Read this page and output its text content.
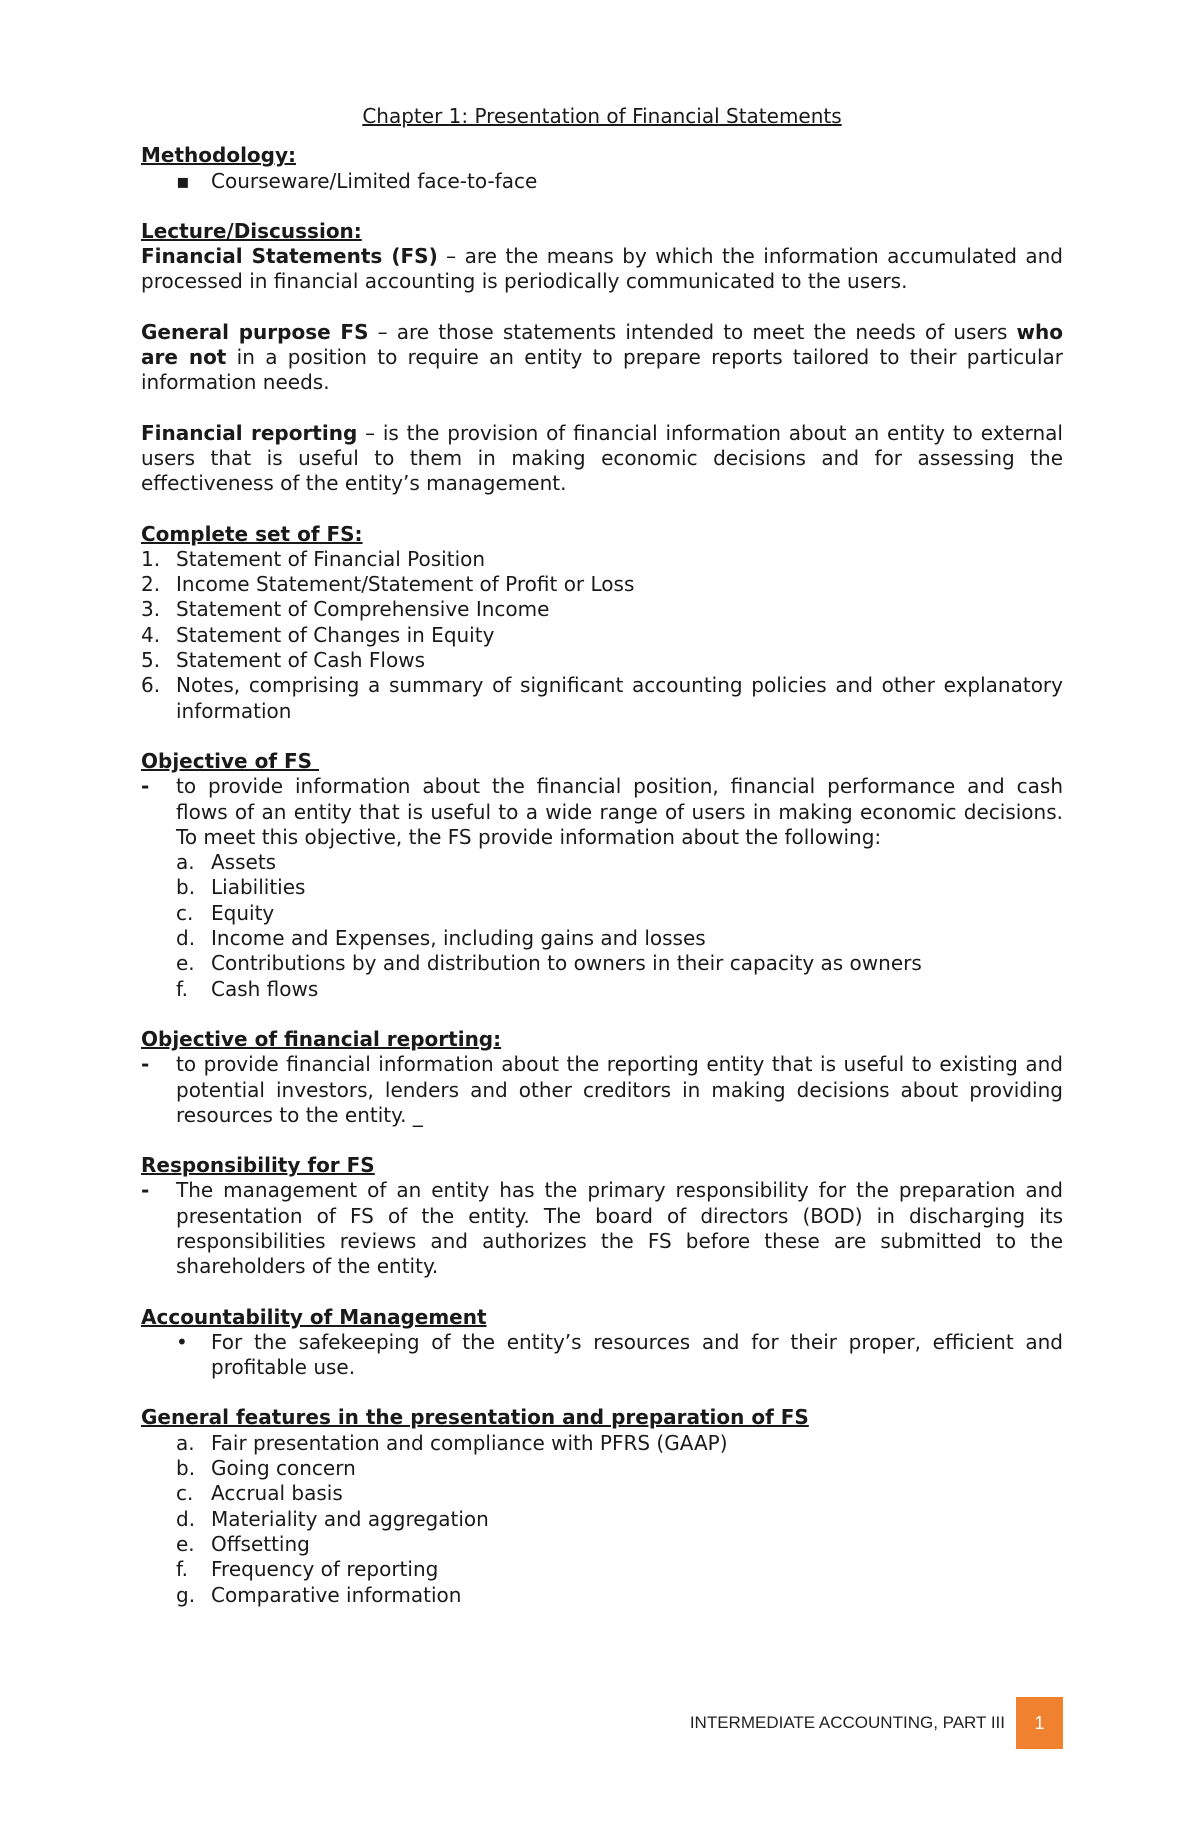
Chapter 1: Presentation of Financial Statements

Methodology:

▪	Courseware/Limited face-to-face

Lecture/Discussion:

Financial Statements (FS) – are the means by which the information accumulated and processed in financial accounting is periodically communicated to the users.

General purpose FS – are those statements intended to meet the needs of users who are not in a position to require an entity to prepare reports tailored to their particular information needs.

Financial reporting – is the provision of financial information about an entity to external users that is useful to them in making economic decisions and for assessing the effectiveness of the entity’s management.

Complete set of FS:

1. Statement of Financial Position
2. Income Statement/Statement of Profit or Loss
3. Statement of Comprehensive Income
4. Statement of Changes in Equity
5. Statement of Cash Flows
6. Notes, comprising a summary of significant accounting policies and other explanatory information

Objective of FS

-	to provide information about the financial position, financial performance and cash flows of an entity that is useful to a wide range of users in making economic decisions. To meet this objective, the FS provide information about the following:
a. Assets
b. Liabilities
c. Equity
d. Income and Expenses, including gains and losses
e. Contributions by and distribution to owners in their capacity as owners
f.	Cash flows

Objective of financial reporting:

-	to provide financial information about the reporting entity that is useful to existing and potential investors, lenders and other creditors in making decisions about providing resources to the entity. _

Responsibility for FS

-	The management of an entity has the primary responsibility for the preparation and presentation of FS of the entity. The board of directors (BOD) in discharging its responsibilities reviews and authorizes the FS before these are submitted to the shareholders of the entity.

Accountability of Management

•	For the safekeeping of the entity’s resources and for their proper, efficient and profitable use.

General features in the presentation and preparation of FS

a. Fair presentation and compliance with PFRS (GAAP)
b. Going concern
c. Accrual basis
d. Materiality and aggregation
e. Offsetting
f.	Frequency of reporting
g. Comparative information
INTERMEDIATE ACCOUNTING, PART III 1
